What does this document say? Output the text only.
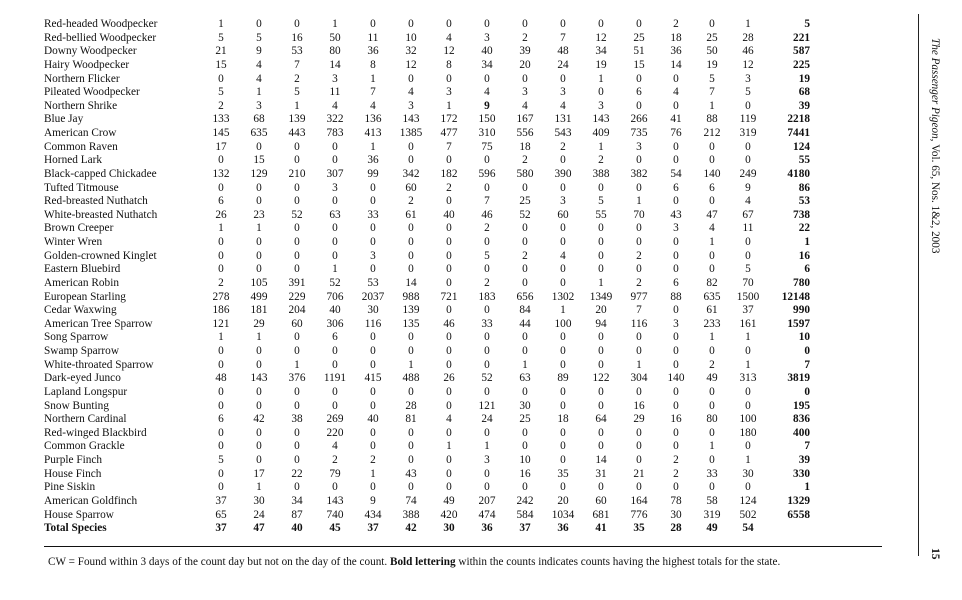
Red-headed Woodpecker	1	0	0	1	0	0	0	0	0	0	0	0	2	0	1	5
Red-bellied Woodpecker	5	5	16	50	11	10	4	3	2	7	12	25	18	25	28	221
Downy Woodpecker	21	9	53	80	36	32	12	40	39	48	34	51	36	50	46	587
Hairy Woodpecker	15	4	7	14	8	12	8	34	20	24	19	15	14	19	12	225
Northern Flicker	0	4	2	3	1	0	0	0	0	0	1	0	0	5	3	19
Pileated Woodpecker	5	1	5	11	7	4	3	4	3	3	0	6	4	7	5	68
Northern Shrike	2	3	1	4	4	3	1	9	4	4	3	0	0	1	0	39
Blue Jay	133	68	139	322	136	143	172	150	167	131	143	266	41	88	119	2218
American Crow	145	635	443	783	413	1385	477	310	556	543	409	735	76	212	319	7441
Common Raven	17	0	0	0	1	0	7	75	18	2	1	3	0	0	0	124
Horned Lark	0	15	0	0	36	0	0	0	2	0	2	0	0	0	0	55
Black-capped Chickadee	132	129	210	307	99	342	182	596	580	390	388	382	54	140	249	4180
Tufted Titmouse	0	0	0	3	0	60	2	0	0	0	0	0	6	6	9	86
Red-breasted Nuthatch	6	0	0	0	0	2	0	7	25	3	5	1	0	0	4	53
White-breasted Nuthatch	26	23	52	63	33	61	40	46	52	60	55	70	43	47	67	738
Brown Creeper	1	1	0	0	0	0	0	2	0	0	0	0	3	4	11	22
Winter Wren	0	0	0	0	0	0	0	0	0	0	0	0	0	1	0	1
Golden-crowned Kinglet	0	0	0	0	3	0	0	5	2	4	0	2	0	0	0	16
Eastern Bluebird	0	0	0	1	0	0	0	0	0	0	0	0	0	0	5	6
American Robin	2	105	391	52	53	14	0	2	0	0	1	2	6	82	70	780
European Starling	278	499	229	706	2037	988	721	183	656	1302	1349	977	88	635	1500	12148
Cedar Waxwing	186	181	204	40	30	139	0	0	84	1	20	7	0	61	37	990
American Tree Sparrow	121	29	60	306	116	135	46	33	44	100	94	116	3	233	161	1597
Song Sparrow	1	1	0	6	0	0	0	0	0	0	0	0	0	1	1	10
Swamp Sparrow	0	0	0	0	0	0	0	0	0	0	0	0	0	0	0	0
White-throated Sparrow	0	0	1	0	0	1	0	0	1	0	0	1	0	2	1	7
Dark-eyed Junco	48	143	376	1191	415	488	26	52	63	89	122	304	140	49	313	3819
Lapland Longspur	0	0	0	0	0	0	0	0	0	0	0	0	0	0	0	0
Snow Bunting	0	0	0	0	0	28	0	121	30	0	0	16	0	0	0	195
Northern Cardinal	6	42	38	269	40	81	4	24	25	18	64	29	16	80	100	836
Red-winged Blackbird	0	0	0	220	0	0	0	0	0	0	0	0	0	0	180	400
Common Grackle	0	0	0	4	0	0	1	1	0	0	0	0	0	1	0	7
Purple Finch	5	0	0	2	2	0	0	3	10	0	14	0	2	0	1	39
House Finch	0	17	22	79	1	43	0	0	16	35	31	21	2	33	30	330
Pine Siskin	0	1	0	0	0	0	0	0	0	0	0	0	0	0	0	1
American Goldfinch	37	30	34	143	9	74	49	207	242	20	60	164	78	58	124	1329
House Sparrow	65	24	87	740	434	388	420	474	584	1034	681	776	30	319	502	6558
Total Species	37	47	40	45	37	42	30	36	37	36	41	35	28	49	54	
CW = Found within 3 days of the count day but not on the day of the count. Bold lettering within the counts indicates counts having the highest totals for the state.
The Passenger Pigeon, Vol. 65, Nos. 1&2, 2003
15
